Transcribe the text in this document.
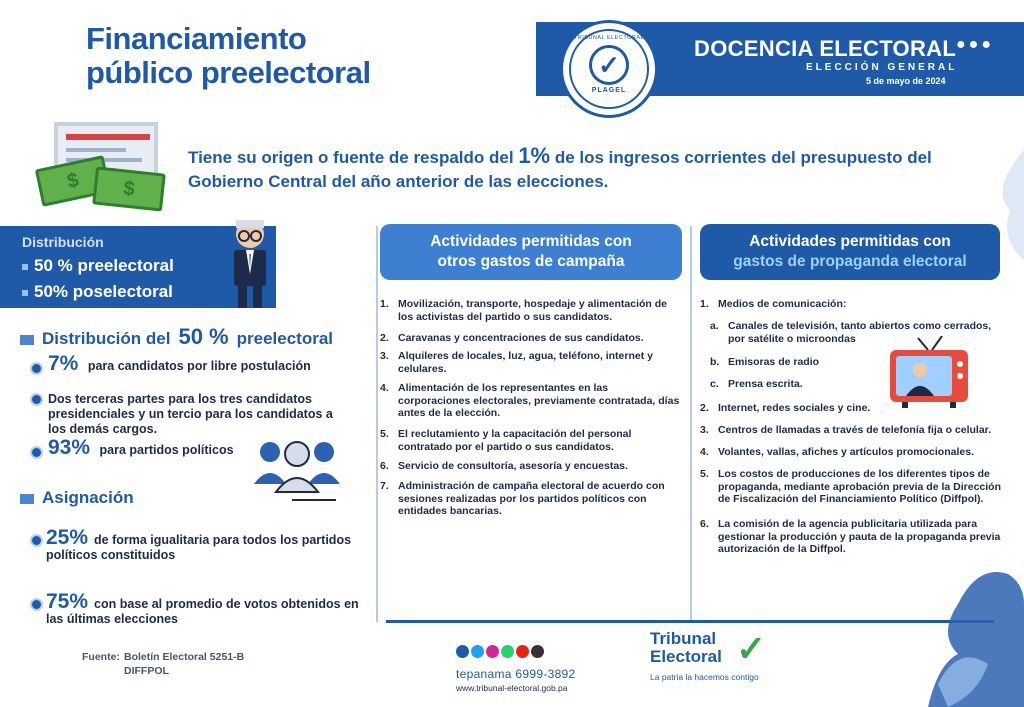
Financiamiento
público preelectoral
TRIBUNAL ELECTORAL
✓
PLAGEL
DOCENCIA ELECTORAL ●●●
ELECCIÓN GENERAL
5 de mayo de 2024
$	$
Tiene su origen o fuente de respaldo del 1% de los ingresos corrientes del presupuesto del Gobierno Central del año anterior de las elecciones.
Distribución
50 % preelectoral
50% poselectoral
Distribución del 50 % preelectoral
7% para candidatos por libre postulación
Dos terceras partes para los tres candidatos presidenciales y un tercio para los candidatos a los demás cargos.
93% para partidos políticos
Asignación
25% de forma igualitaria para todos los partidos políticos constituidos
75% con base al promedio de votos obtenidos en las últimas elecciones
Actividades permitidas con
otros gastos de campaña
1. Movilización, transporte, hospedaje y alimentación de los activistas del partido o sus candidatos.
2. Caravanas y concentraciones de sus candidatos.
3. Alquileres de locales, luz, agua, teléfono, internet y celulares.
4. Alimentación de los representantes en las corporaciones electorales, previamente contratada, días antes de la elección.
5. El reclutamiento y la capacitación del personal contratado por el partido o sus candidatos.
6. Servicio de consultoría, asesoría y encuestas.
7. Administración de campaña electoral de acuerdo con sesiones realizadas por los partidos políticos con entidades bancarias.
Actividades permitidas con
gastos de propaganda electoral
1. Medios de comunicación:
a. Canales de televisión, tanto abiertos como cerrados, por satélite o microondas
b. Emisoras de radio
c. Prensa escrita.
2. Internet, redes sociales y cine.
3. Centros de llamadas a través de telefonía fija o celular.
4. Volantes, vallas, afiches y artículos promocionales.
5. Los costos de producciones de los diferentes tipos de propaganda, mediante aprobación previa de la Dirección de Fiscalización del Financiamiento Político (Diffpol).
6. La comisión de la agencia publicitaria utilizada para gestionar la producción y pauta de la propaganda previa autorización de la Diffpol.
Fuente: Boletín Electoral 5251-B
DIFFPOL	tepanama 6999-3892
www.tribunal-electoral.gob.pa
Tribunal
Electoral ✓
La patria la hacemos contigo
